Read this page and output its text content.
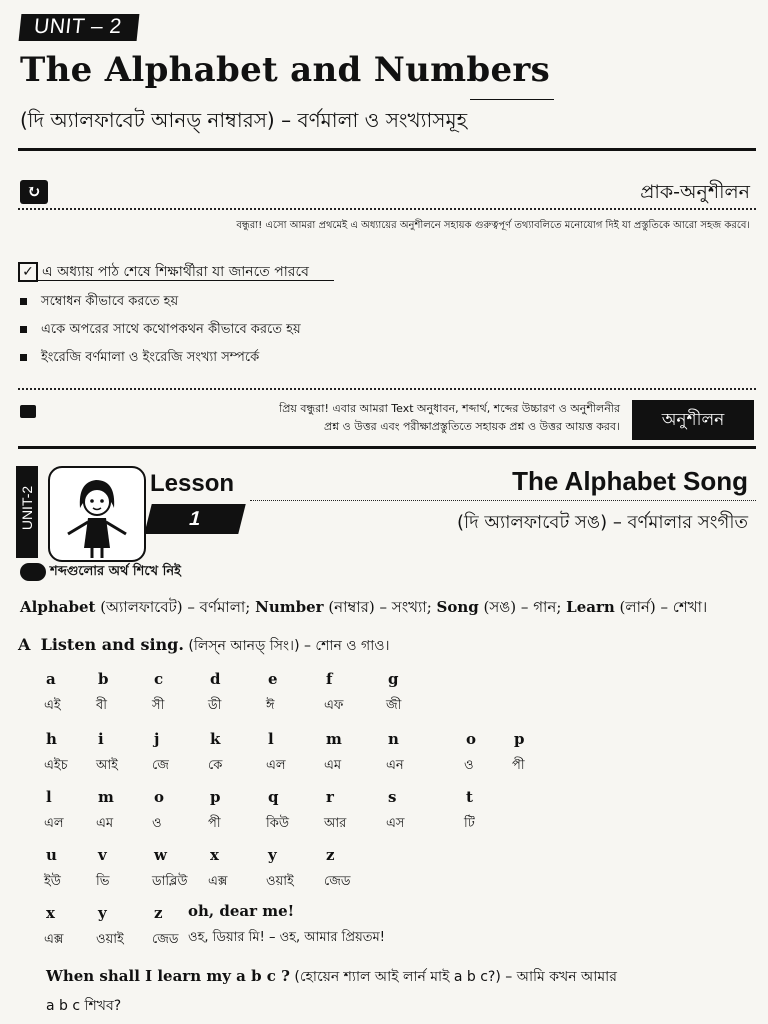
UNIT – 2
The Alphabet and Numbers
(দি অ্যালফাবেট আনড্‌ নাম্বারস) – বর্ণমালা ও সংখ্যাসমূহ
↻	প্রাক-অনুশীলন
বন্ধুরা! এসো আমরা প্রথমেই এ অধ্যায়ের অনুশীলনে সহায়ক গুরুত্বপূর্ণ তথ্যাবলিতে মনোযোগ দিই যা প্রস্তুতিকে আরো সহজ করবে।
✓ এ অধ্যায় পাঠ শেষে শিক্ষার্থীরা যা জানতে পারবে
সম্বোধন কীভাবে করতে হয়
একে অপরের সাথে কথোপকথন কীভাবে করতে হয়
ইংরেজি বর্ণমালা ও ইংরেজি সংখ্যা সম্পর্কে
প্রিয় বন্ধুরা! এবার আমরা Text অনুধাবন, শব্দার্থ, শব্দের উচ্চারণ ও অনুশীলনীর
প্রশ্ন ও উত্তর এবং পরীক্ষাপ্রস্তুতিতে সহায়ক প্রশ্ন ও উত্তর আয়ত্ত করব।	অনুশীলন
UNIT-2
Lesson
1
The Alphabet Song
(দি অ্যালফাবেট সঙ) – বর্ণমালার সংগীত
শব্দগুলোর অর্থ শিখে নিই
Alphabet (অ্যালফাবেট) – বর্ণমালা; Number (নাম্বার) – সংখ্যা; Song (সঙ) – গান; Learn (লার্ন) – শেখা।
A Listen and sing. (লিস্‌ন আনড্‌ সিং।) – শোন ও গাও।
a
এই
b
বী
c
সী
d
ডী
e
ঈ
f
এফ
g
জী
h
এইচ
i
আই
j
জে
k
কে
l
এল
m
এম
n
এন
o
ও
p
পী
l
এল
m
এম
o
ও
p
পী
q
কিউ
r
আর
s
এস
t
টি
u
ইউ
v
ভি
w
ডাব্লিউ
x
এক্স
y
ওয়াই
z
জেড
x
এক্স
y
ওয়াই
z
জেড
oh, dear me!
ওহ, ডিয়ার মি! – ওহ, আমার প্রিয়তম!
When shall I learn my a b c ? (হোয়েন শ্যাল আই লার্ন মাই a b c?) – আমি কখন আমার
a b c শিখব?
